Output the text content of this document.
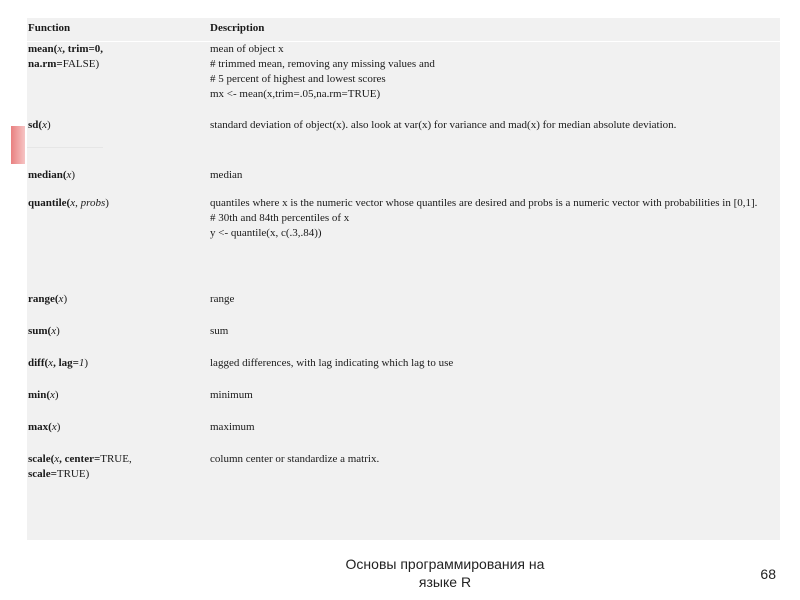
Function	Description
mean(x, trim=0,
na.rm=FALSE)	mean of object x
# trimmed mean, removing any missing values and
# 5 percent of highest and lowest scores
mx <- mean(x,trim=.05,na.rm=TRUE)

sd(x)	standard deviation of object(x). also look at var(x) for variance and mad(x) for median absolute deviation.

median(x)	median

quantile(x, probs)	quantiles where x is the numeric vector whose quantiles are desired and probs is a numeric vector with probabilities in [0,1].
# 30th and 84th percentiles of x
y <- quantile(x, c(.3,.84))

range(x)	range

sum(x)	sum

diff(x, lag=1)	lagged differences, with lag indicating which lag to use

min(x)	minimum

max(x)	maximum

scale(x, center=TRUE,
scale=TRUE)	column center or standardize a matrix.
Основы программирования на
языке R	68
